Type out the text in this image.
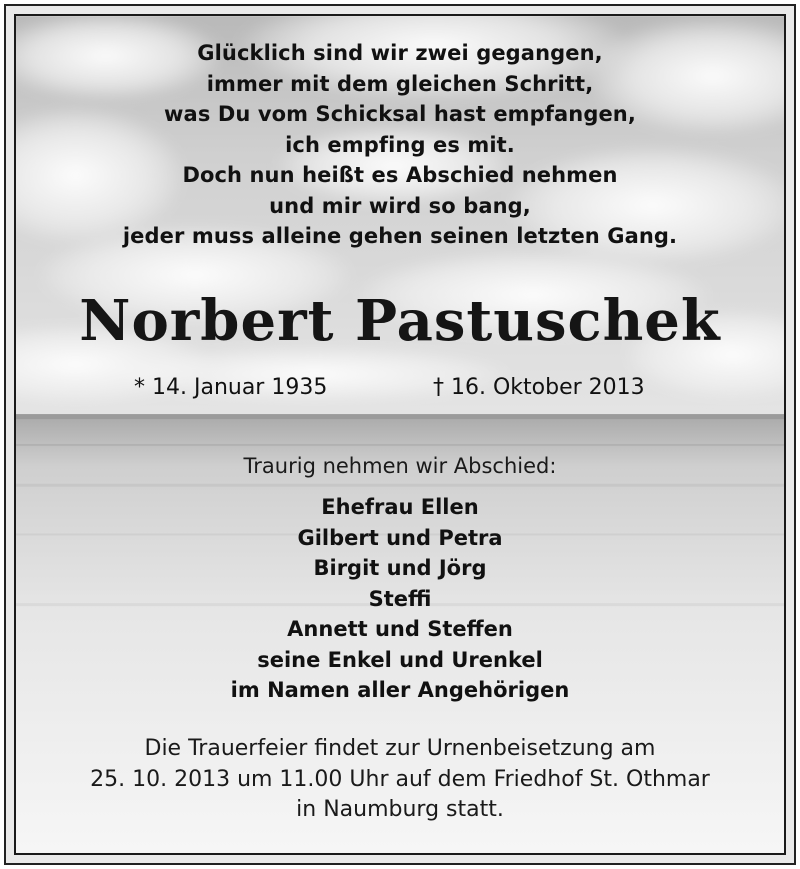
Glücklich sind wir zwei gegangen,
immer mit dem gleichen Schritt,
was Du vom Schicksal hast empfangen,
ich empfing es mit.
Doch nun heißt es Abschied nehmen
und mir wird so bang,
jeder muss alleine gehen seinen letzten Gang.
Norbert Pastuschek
* 14. Januar 1935	† 16. Oktober 2013
Traurig nehmen wir Abschied:
Ehefrau Ellen
Gilbert und Petra
Birgit und Jörg
Steffi
Annett und Steffen
seine Enkel und Urenkel
im Namen aller Angehörigen
Die Trauerfeier findet zur Urnenbeisetzung am
25. 10. 2013 um 11.00 Uhr auf dem Friedhof St. Othmar
in Naumburg statt.
